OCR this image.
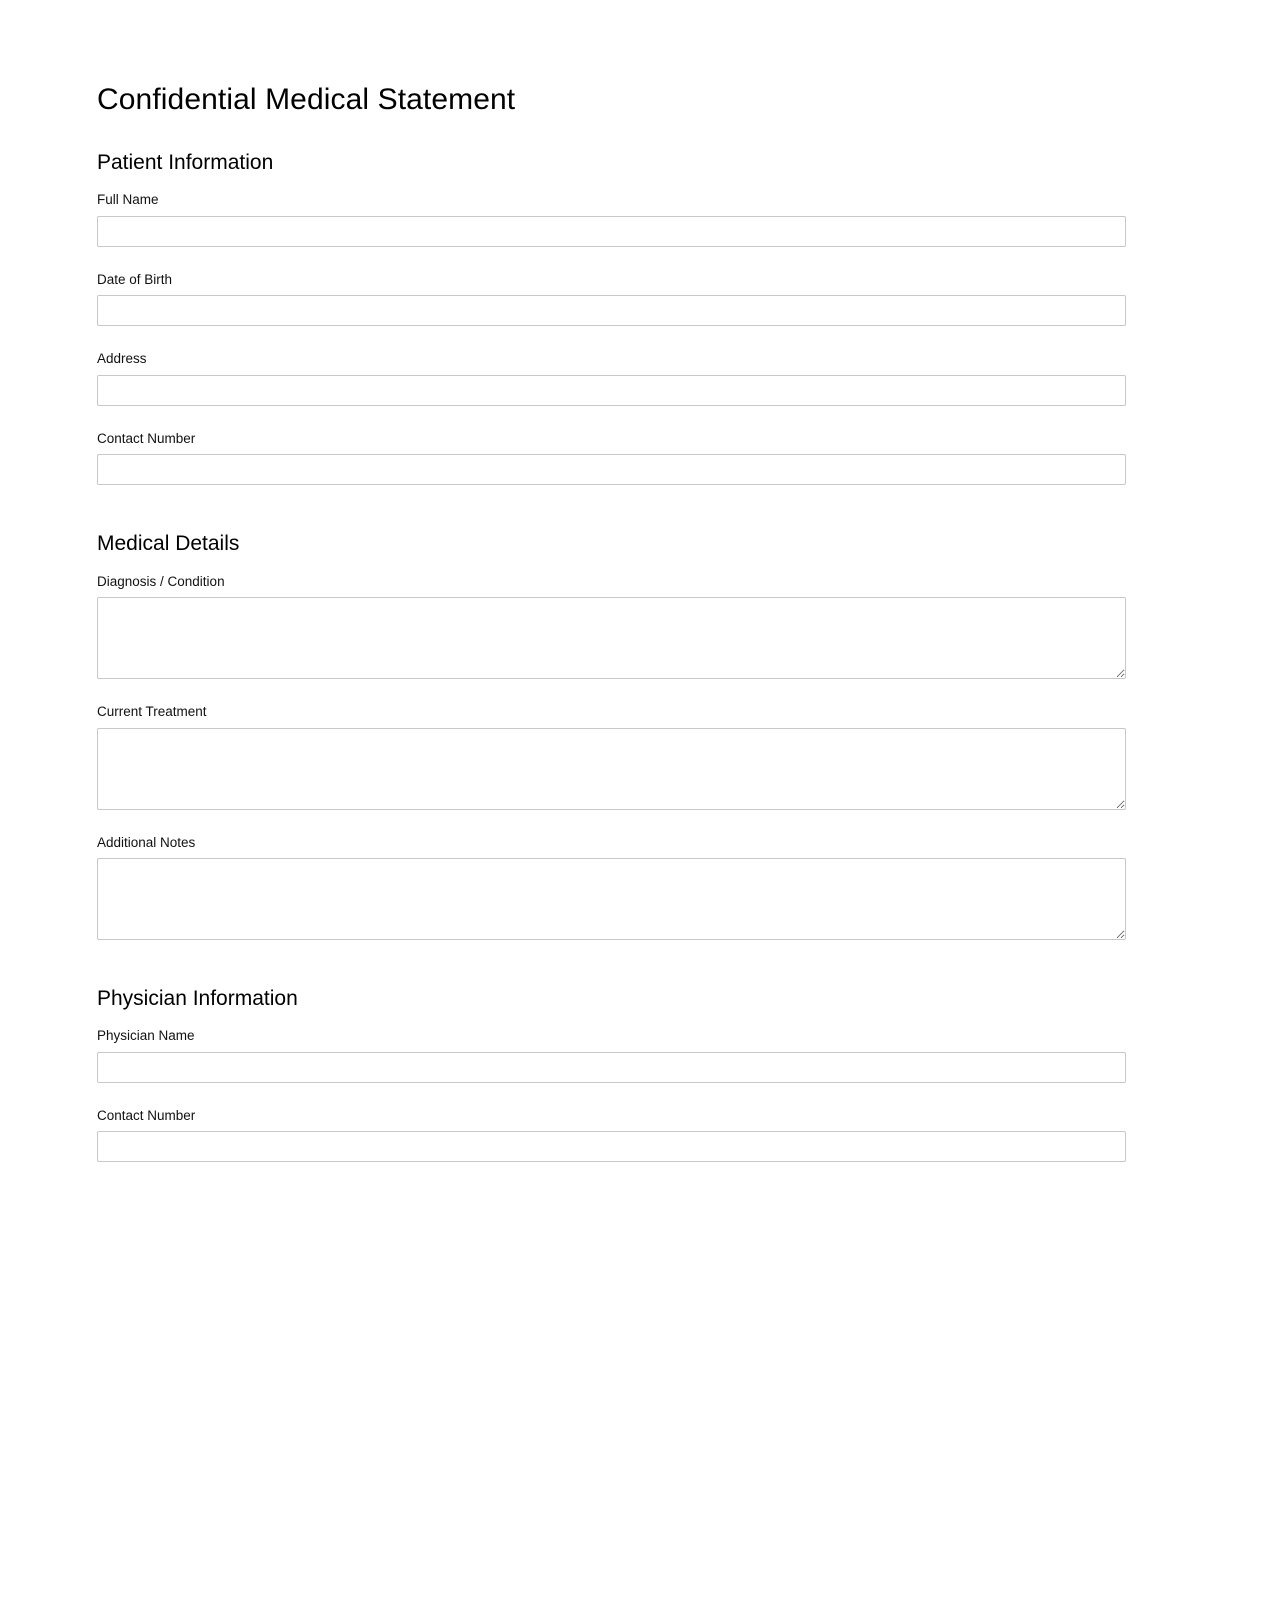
Confidential Medical Statement
Patient Information
Full Name
Date of Birth
Address
Contact Number
Medical Details
Diagnosis / Condition
Current Treatment
Additional Notes
Physician Information
Physician Name
Contact Number
